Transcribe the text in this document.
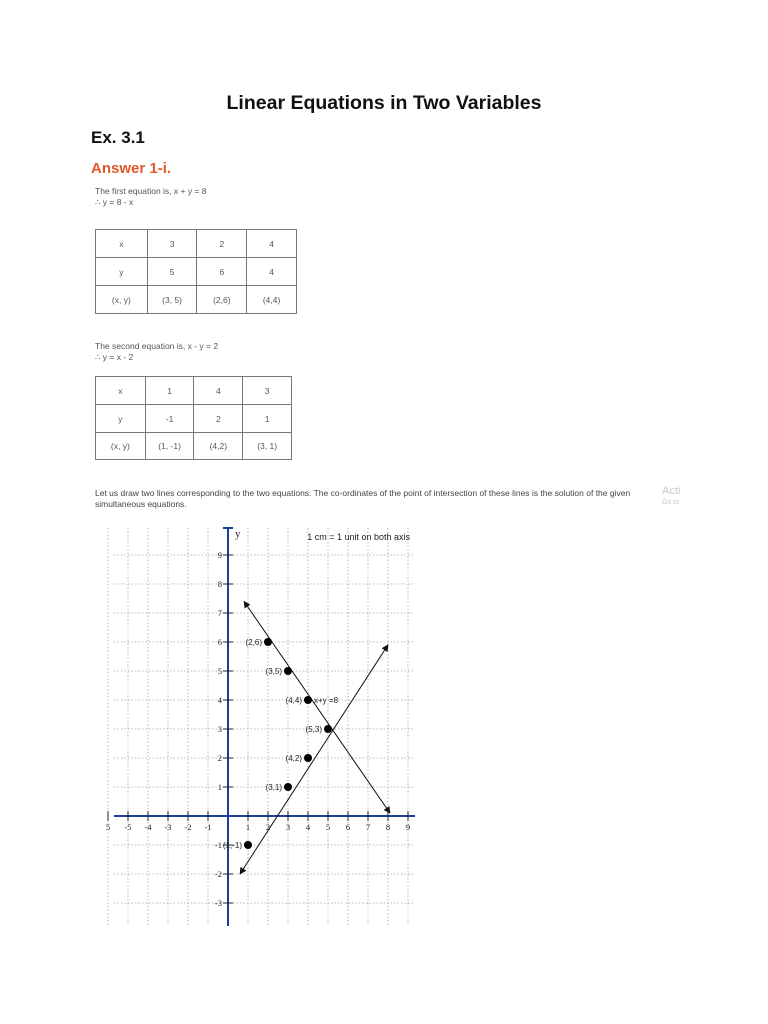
Linear Equations in Two Variables
Ex. 3.1
Answer 1-i.
The first equation is, x + y = 8
∴ y = 8 - x
x	3	2	4
y	5	6	4
(x, y)	(3, 5)	(2,6)	(4,4)
The second equation is, x - y = 2
∴ y = x - 2
x	1	4	3
y	-1	2	1
(x, y)	(1, -1)	(4,2)	(3, 1)
Let us draw two lines corresponding to the two equations. The co-ordinates of the point of intersection of these lines is the solution of the given
simultaneous equations.
Acti
Go to
5 -5 -4 -3 -2 -1	1 2 3 4 5 6 7 8 9
9
8
7
6
5
4
3
2
1
-1
-2
-3
x+y =8
(2,6)
(3,5)
(4,4)
(5,3)
(4,2)
(3,1)
(1,-1)
1 cm = 1 unit on both axis
y
